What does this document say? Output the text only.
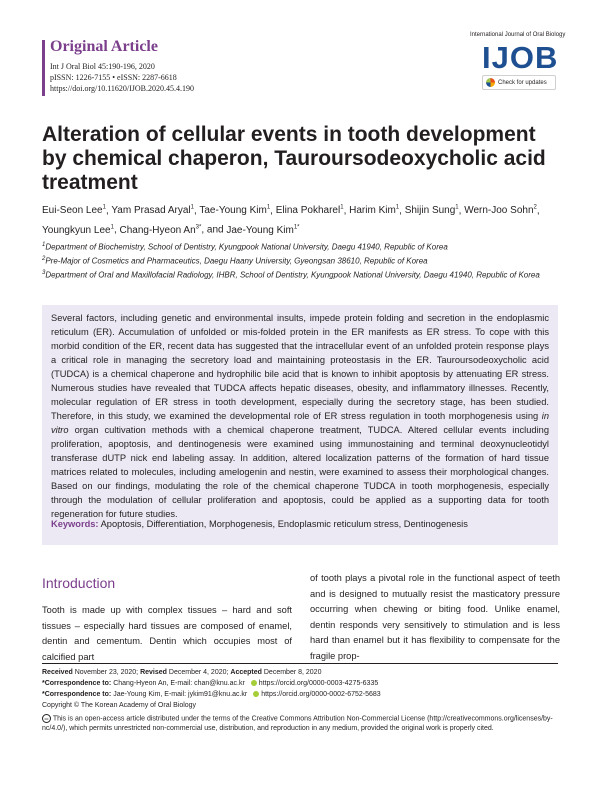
Original Article
Int J Oral Biol 45:190-196, 2020
pISSN: 1226-7155 • eISSN: 2287-6618
https://doi.org/10.11620/IJOB.2020.45.4.190
International Journal of Oral Biology
IJOB
Check for updates
Alteration of cellular events in tooth development by chemical chaperon, Tauroursodeoxycholic acid treatment
Eui-Seon Lee$^1$, Yam Prasad Aryal$^1$, Tae-Young Kim$^1$, Elina Pokharel$^1$, Harim Kim$^1$, Shijin Sung$^1$, Wern-Joo Sohn$^2$, Youngkyun Lee$^1$, Chang-Hyeon $An^{3*}$, and Jae-Young Kim$^{1*}$
$^1$Department of Biochemistry, School of Dentistry, Kyungpook National University, Daegu 41940, Republic of Korea
$^2$Pre-Major of Cosmetics and Pharmaceutics, Daegu Haany University, Gyeongsan 38610, Republic of Korea
$^3$Department of Oral and Maxillofacial Radiology, IHBR, School of Dentistry, Kyungpook National University, Daegu 41940, Republic of Korea
Several factors, including genetic and environmental insults, impede protein folding and secretion in the endoplasmic reticulum (ER). Accumulation of unfolded or mis-folded protein in the ER manifests as ER stress. To cope with this morbid condition of the ER, recent data has suggested that the intracellular event of an unfolded protein response plays a critical role in managing the secretory load and maintaining proteostasis in the ER. Tauroursodeoxycholic acid (TUDCA) is a chemical chaperone and hydrophilic bile acid that is known to inhibit apoptosis by attenuating ER stress. Numerous studies have revealed that TUDCA affects hepatic diseases, obesity, and inflammatory illnesses. Recently, molecular regulation of ER stress in tooth development, especially during the secretory stage, has been studied. Therefore, in this study, we examined the developmental role of ER stress regulation in tooth morphogenesis using in vitro organ cultivation methods with a chemical chaperone treatment, TUDCA. Altered cellular events including proliferation, apoptosis, and dentinogenesis were examined using immunostaining and terminal deoxynucleotidyl transferase dUTP nick end labeling assay. In addition, altered localization patterns of the formation of hard tissue matrices related to molecules, including amelogenin and nestin, were examined to assess their morphological changes. Based on our findings, modulating the role of the chemical chaperone TUDCA in tooth morphogenesis, especially through the modulation of cellular proliferation and apoptosis, could be applied as a supporting data for tooth regeneration for future studies.
Keywords: Apoptosis, Differentiation, Morphogenesis, Endoplasmic reticulum stress, Dentinogenesis
Introduction
Tooth is made up with complex tissues – hard and soft tissues – especially hard tissues are composed of enamel, dentin and cementum. Dentin which occupies most of calcified part
of tooth plays a pivotal role in the functional aspect of teeth and is designed to mutually resist the masticatory pressure occurring when chewing or biting food. Unlike enamel, dentin responds very sensitively to stimulation and is less hard than enamel but it has flexibility to compensate for the fragile prop-
Received November 23, 2020; Revised December 4, 2020; Accepted December 8, 2020
*Correspondence to: Chang-Hyeon An, E-mail: chan@knu.ac.kr https://orcid.org/0000-0003-4275-6335
*Correspondence to: Jae-Young Kim, E-mail: jykim91@knu.ac.kr https://orcid.org/0000-0002-6752-5683
Copyright © The Korean Academy of Oral Biology
cc This is an open-access article distributed under the terms of the Creative Commons Attribution Non-Commercial License (http://creativecommons.org/licenses/by-nc/4.0/), which permits unrestricted non-commercial use, distribution, and reproduction in any medium, provided the original work is properly cited.
